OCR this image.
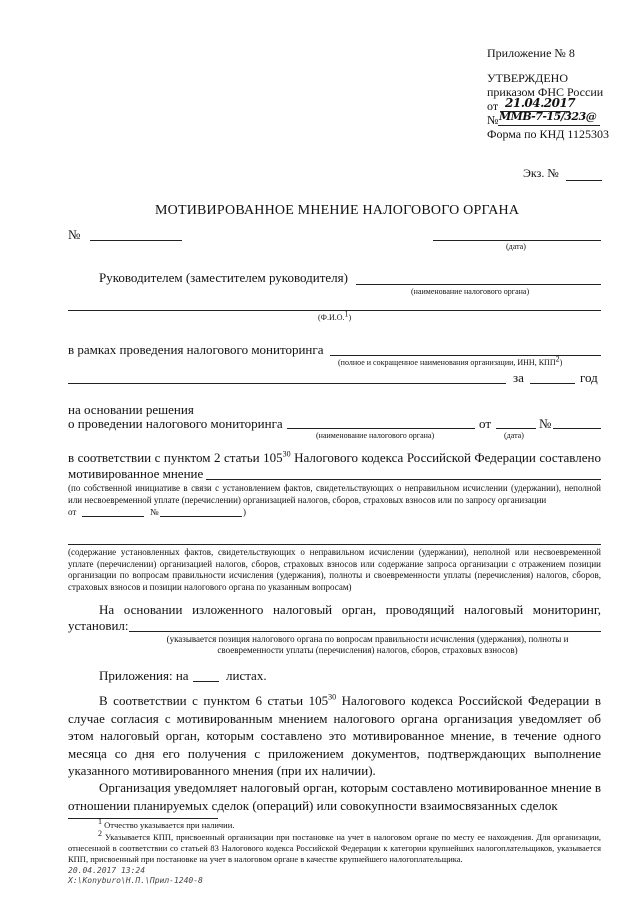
Приложение № 8
УТВЕРЖДЕНО
приказом ФНС России
от 21.04.2017
№ ММВ-7-15/323@
Форма по КНД 1125303
Экз. №
МОТИВИРОВАННОЕ МНЕНИЕ НАЛОГОВОГО ОРГАНА
№
(дата)
Руководителем (заместителем руководителя)
(наименование налогового органа)
(Ф.И.О.$^1$)
в рамках проведения налогового мониторинга
(полное и сокращенное наименования организации, ИНН, КПП$^2$)
за	год
на основании решения
о проведении налогового мониторинга
(наименование налогового органа)
от
(дата)
№
в соответствии с пунктом 2 статьи $105^{30}$ Налогового кодекса Российской Федерации составлено
мотивированное мнение
(по собственной инициативе в связи с установлением фактов, свидетельствующих о неправильном исчислении (удержании), неполной или несвоевременной уплате (перечислении) организацией налогов, сборов, страховых взносов или по запросу организации
от	№	)
(содержание установленных фактов, свидетельствующих о неправильном исчислении (удержании), неполной или несвоевременной уплате (перечислении) организацией налогов, сборов, страховых взносов или содержание запроса организации с отражением позиции организации по вопросам правильности исчисления (удержания), полноты и своевременности уплаты (перечисления) налогов, сборов, страховых взносов и позиции налогового органа по указанным вопросам)
На основании изложенного налоговый орган, проводящий налоговый мониторинг,
установил:
(указывается позиция налогового органа по вопросам правильности исчисления (удержания), полноты и своевременности уплаты (перечисления) налогов, сборов, страховых взносов)
Приложения: на	листах.
В соответствии с пунктом 6 статьи $105^{30}$ Налогового кодекса Российской Федерации в случае согласия с мотивированным мнением налогового органа организация уведомляет об этом налоговый орган, которым составлено это мотивированное мнение, в течение одного месяца со дня его получения с приложением документов, подтверждающих выполнение указанного мотивированного мнения (при их наличии).
Организация уведомляет налоговый орган, которым составлено мотивированное мнение в отношении планируемых сделок (операций) или совокупности взаимосвязанных сделок
$^1$ Отчество указывается при наличии.
$^2$ Указывается КПП, присвоенный организации при постановке на учет в налоговом органе по месту ее нахождения. Для организации, отнесенной в соответствии со статьей 83 Налогового кодекса Российской Федерации к категории крупнейших налогоплательщиков, указывается КПП, присвоенный при постановке на учет в налоговом органе в качестве крупнейшего налогоплательщика.
20.04.2017 13:24
X:\Konyburo\Н.П.\Прил-1240-8
